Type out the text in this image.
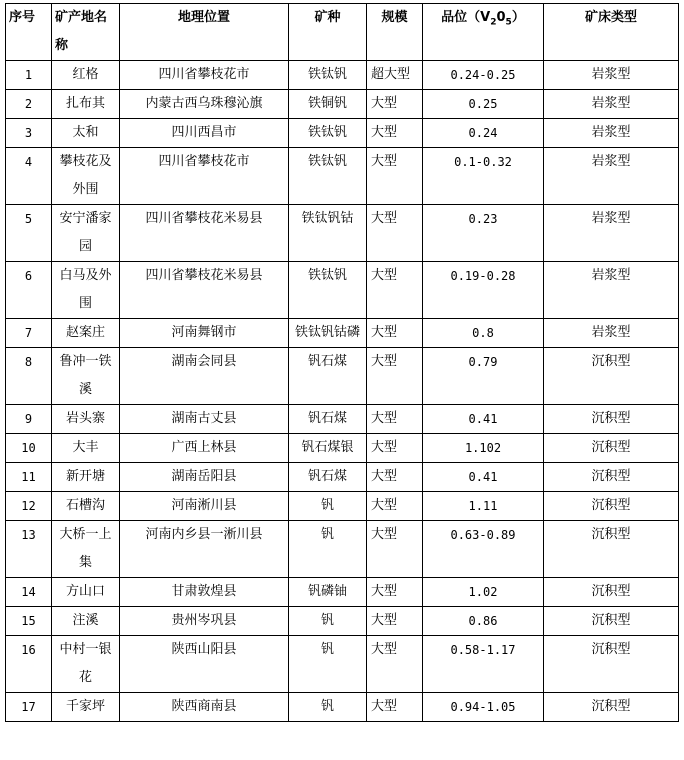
序号	矿产地名称	地理位置	矿种	规模	品位$(V_20_5)$	矿床类型
1	红格	四川省攀枝花市	铁钛钒	超大型	0.24-0.25	岩浆型
2	扎布其	内蒙古西乌珠穆沁旗	铁铜钒	大型	0.25	岩浆型
3	太和	四川西昌市	铁钛钒	大型	0.24	岩浆型
4	攀枝花及外围	四川省攀枝花市	铁钛钒	大型	0.1-0.32	岩浆型
5	安宁潘家园	四川省攀枝花米易县	铁钛钒钴	大型	0.23	岩浆型
6	白马及外围	四川省攀枝花米易县	铁钛钒	大型	0.19-0.28	岩浆型
7	赵案庄	河南舞钢市	铁钛钒钴磷	大型	0.8	岩浆型
8	鲁冲一铁溪	湖南会同县	钒石煤	大型	0.79	沉积型
9	岩头寨	湖南古丈县	钒石煤	大型	0.41	沉积型
10	大丰	广西上林县	钒石煤银	大型	1.102	沉积型
11	新开塘	湖南岳阳县	钒石煤	大型	0.41	沉积型
12	石槽沟	河南淅川县	钒	大型	1.11	沉积型
13	大桥一上集	河南内乡县一淅川县	钒	大型	0.63-0.89	沉积型
14	方山口	甘肃敦煌县	钒磷铀	大型	1.02	沉积型
15	注溪	贵州岑巩县	钒	大型	0.86	沉积型
16	中村一银花	陕西山阳县	钒	大型	0.58-1.17	沉积型
17	千家坪	陕西商南县	钒	大型	0.94-1.05	沉积型
